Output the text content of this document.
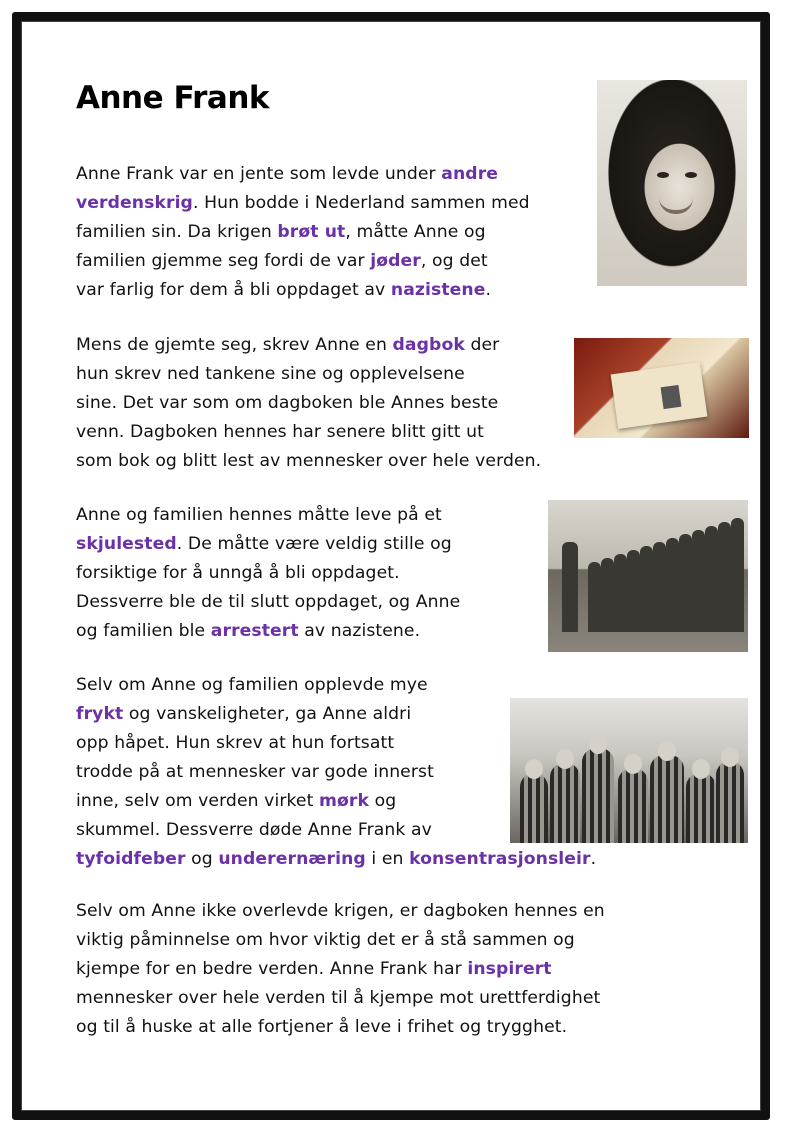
Anne Frank
Anne Frank var en jente som levde under andre
verdenskrig. Hun bodde i Nederland sammen med
familien sin. Da krigen brøt ut, måtte Anne og
familien gjemme seg fordi de var jøder, og det
var farlig for dem å bli oppdaget av nazistene.
Mens de gjemte seg, skrev Anne en dagbok der
hun skrev ned tankene sine og opplevelsene
sine. Det var som om dagboken ble Annes beste
venn. Dagboken hennes har senere blitt gitt ut
som bok og blitt lest av mennesker over hele verden.
Anne og familien hennes måtte leve på et
skjulested. De måtte være veldig stille og
forsiktige for å unngå å bli oppdaget.
Dessverre ble de til slutt oppdaget, og Anne
og familien ble arrestert av nazistene.
Selv om Anne og familien opplevde mye
frykt og vanskeligheter, ga Anne aldri
opp håpet. Hun skrev at hun fortsatt
trodde på at mennesker var gode innerst
inne, selv om verden virket mørk og
skummel. Dessverre døde Anne Frank av
tyfoidfeber og underernæring i en konsentrasjonsleir.
Selv om Anne ikke overlevde krigen, er dagboken hennes en
viktig påminnelse om hvor viktig det er å stå sammen og
kjempe for en bedre verden. Anne Frank har inspirert
mennesker over hele verden til å kjempe mot urettferdighet
og til å huske at alle fortjener å leve i frihet og trygghet.
